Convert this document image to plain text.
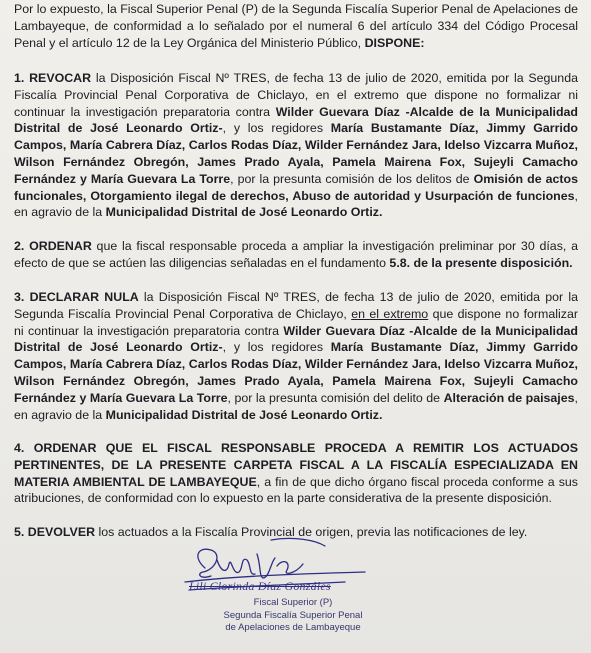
Por lo expuesto, la Fiscal Superior Penal (P) de la Segunda Fiscalía Superior Penal de Apelaciones de Lambayeque, de conformidad a lo señalado por el numeral 6 del artículo 334 del Código Procesal Penal y el artículo 12 de la Ley Orgánica del Ministerio Público, DISPONE:

1. REVOCAR la Disposición Fiscal Nº TRES, de fecha 13 de julio de 2020, emitida por la Segunda Fiscalía Provincial Penal Corporativa de Chiclayo, en el extremo que dispone no formalizar ni continuar la investigación preparatoria contra Wilder Guevara Díaz -Alcalde de la Municipalidad Distrital de José Leonardo Ortiz-, y los regidores María Bustamante Díaz, Jimmy Garrido Campos, María Cabrera Díaz, Carlos Rodas Díaz, Wilder Fernández Jara, Idelso Vizcarra Muñoz, Wilson Fernández Obregón, James Prado Ayala, Pamela Mairena Fox, Sujeyli Camacho Fernández y María Guevara La Torre, por la presunta comisión de los delitos de Omisión de actos funcionales, Otorgamiento ilegal de derechos, Abuso de autoridad y Usurpación de funciones, en agravio de la Municipalidad Distrital de José Leonardo Ortiz.

2. ORDENAR que la fiscal responsable proceda a ampliar la investigación preliminar por 30 días, a efecto de que se actúen las diligencias señaladas en el fundamento 5.8. de la presente disposición.

3. DECLARAR NULA la Disposición Fiscal Nº TRES, de fecha 13 de julio de 2020, emitida por la Segunda Fiscalía Provincial Penal Corporativa de Chiclayo, en el extremo que dispone no formalizar ni continuar la investigación preparatoria contra Wilder Guevara Díaz -Alcalde de la Municipalidad Distrital de José Leonardo Ortiz-, y los regidores María Bustamante Díaz, Jimmy Garrido Campos, María Cabrera Díaz, Carlos Rodas Díaz, Wilder Fernández Jara, Idelso Vizcarra Muñoz, Wilson Fernández Obregón, James Prado Ayala, Pamela Mairena Fox, Sujeyli Camacho Fernández y María Guevara La Torre, por la presunta comisión del delito de Alteración de paisajes, en agravio de la Municipalidad Distrital de José Leonardo Ortiz.

4. ORDENAR QUE EL FISCAL RESPONSABLE PROCEDA A REMITIR LOS ACTUADOS PERTINENTES, DE LA PRESENTE CARPETA FISCAL A LA FISCALÍA ESPECIALIZADA EN MATERIA AMBIENTAL DE LAMBAYEQUE, a fin de que dicho órgano fiscal proceda conforme a sus atribuciones, de conformidad con lo expuesto en la parte considerativa de la presente disposición.

5. DEVOLVER los actuados a la Fiscalía Provincial de origen, previa las notificaciones de ley.

Lili Clorinda Díaz Gonzáles

Fiscal Superior (P)

Segunda Fiscalía Superior Penal

de Apelaciones de Lambayeque
